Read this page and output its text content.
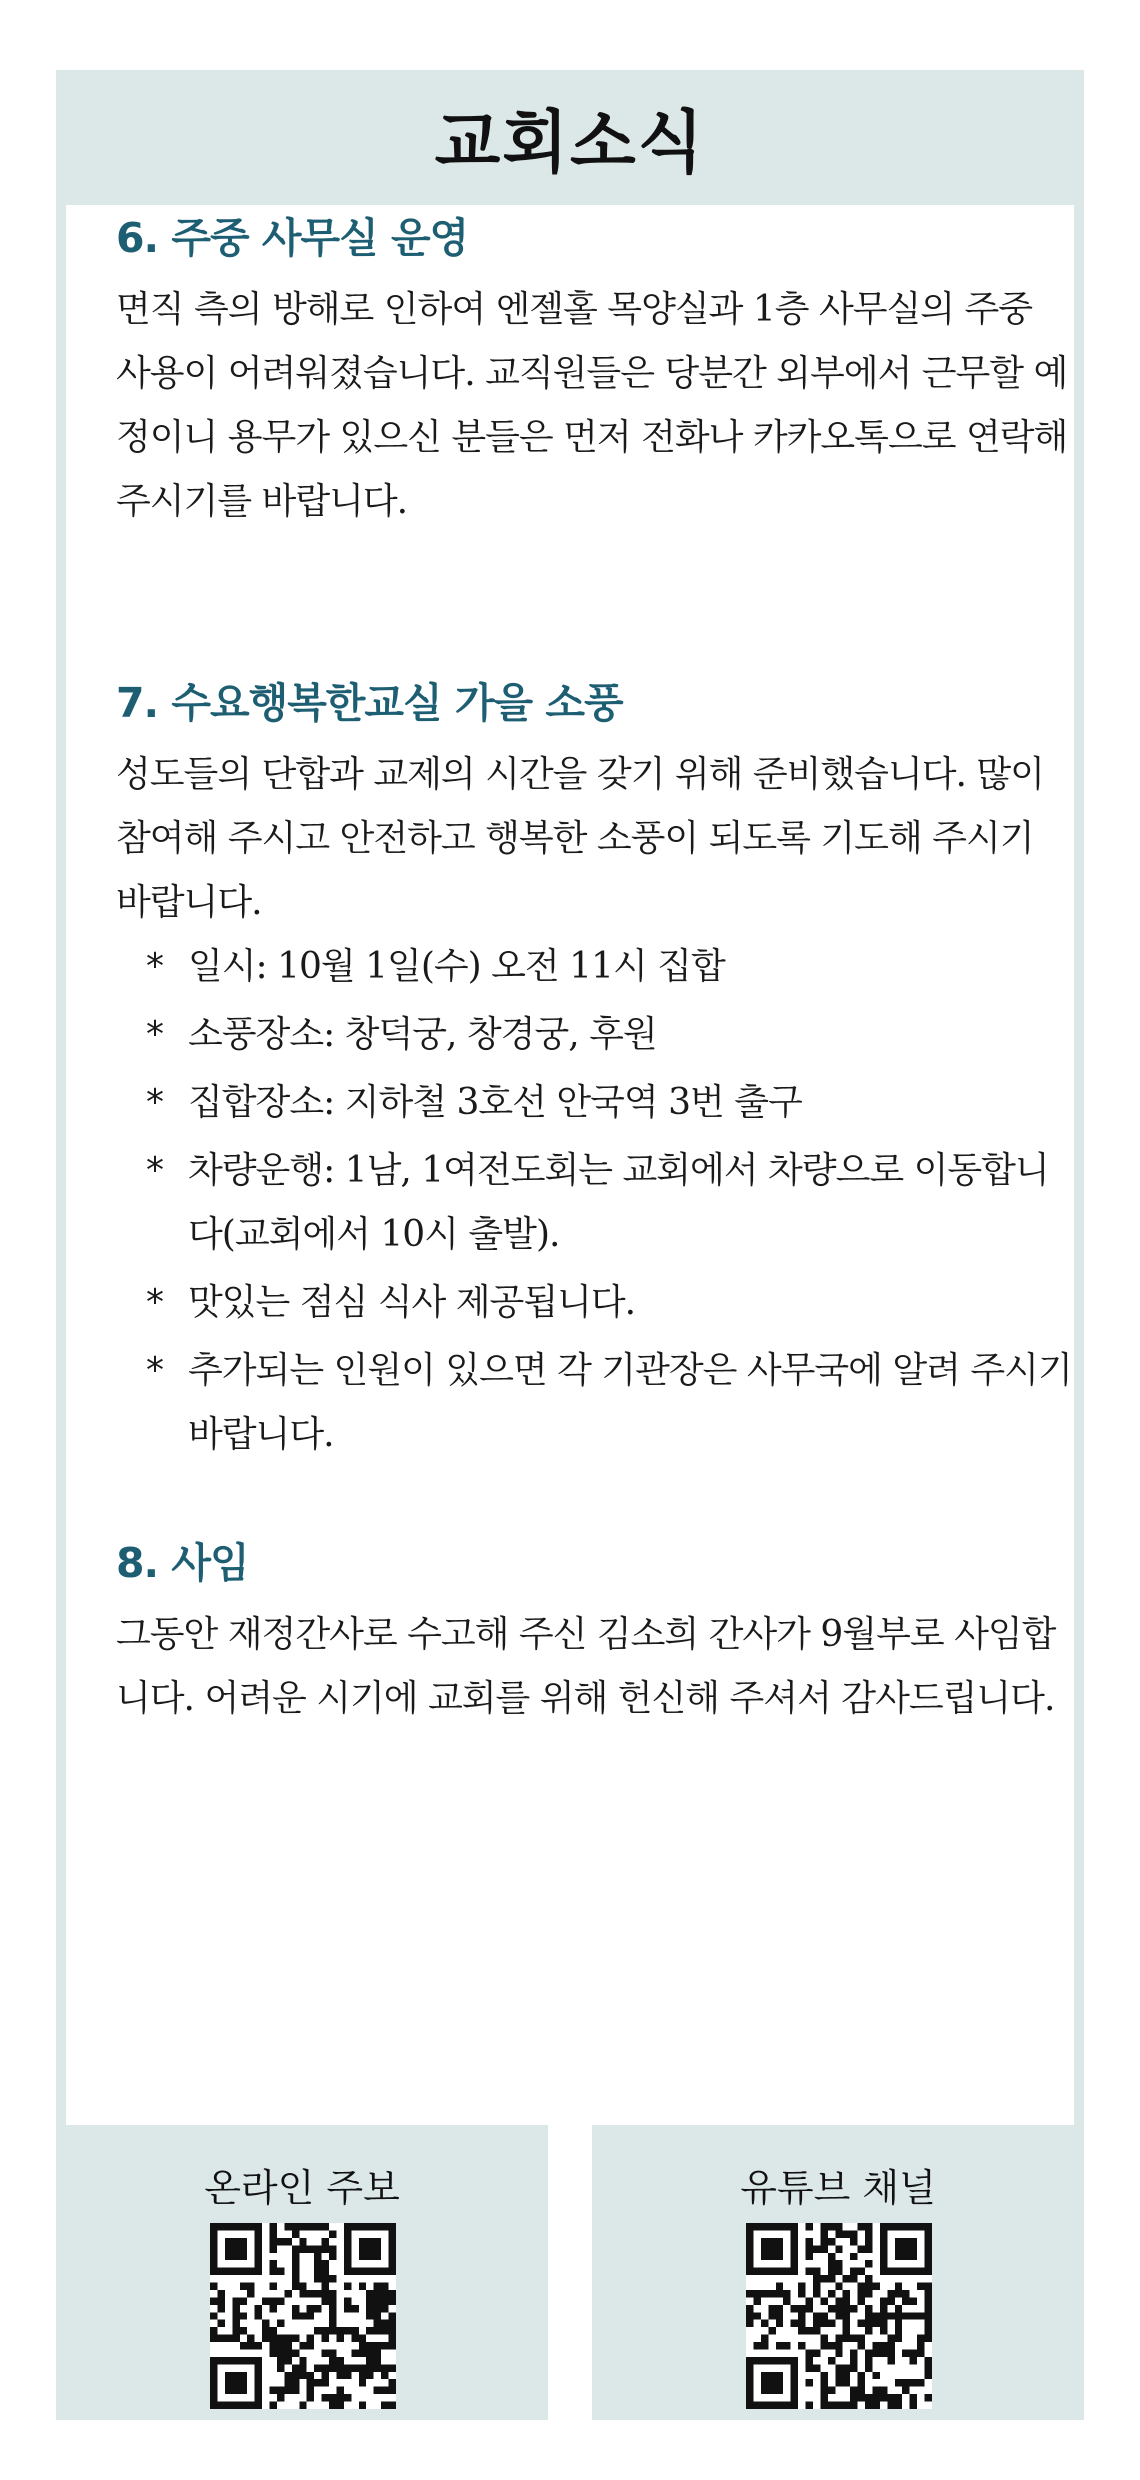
교회소식
6. 주중 사무실 운영

면직 측의 방해로 인하여 엔젤홀 목양실과 1층 사무실의 주중 사용이 어려워졌습니다. 교직원들은 당분간 외부에서 근무할 예정이니 용무가 있으신 분들은 먼저 전화나 카카오톡으로 연락해 주시기를 바랍니다.

7. 수요행복한교실 가을 소풍

성도들의 단합과 교제의 시간을 갖기 위해 준비했습니다. 많이 참여해 주시고 안전하고 행복한 소풍이 되도록 기도해 주시기 바랍니다.

* 일시: 10월 1일(수) 오전 11시 집합
* 소풍장소: 창덕궁, 창경궁, 후원
* 집합장소: 지하철 3호선 안국역 3번 출구
* 차량운행: 1남, 1여전도회는 교회에서 차량으로 이동합니다(교회에서 10시 출발).
* 맛있는 점심 식사 제공됩니다.
* 추가되는 인원이 있으면 각 기관장은 사무국에 알려 주시기 바랍니다.
8. 사임

그동안 재정간사로 수고해 주신 김소희 간사가 9월부로 사임합니다. 어려운 시기에 교회를 위해 헌신해 주셔서 감사드립니다.

온라인 주보	유튜브 채널
